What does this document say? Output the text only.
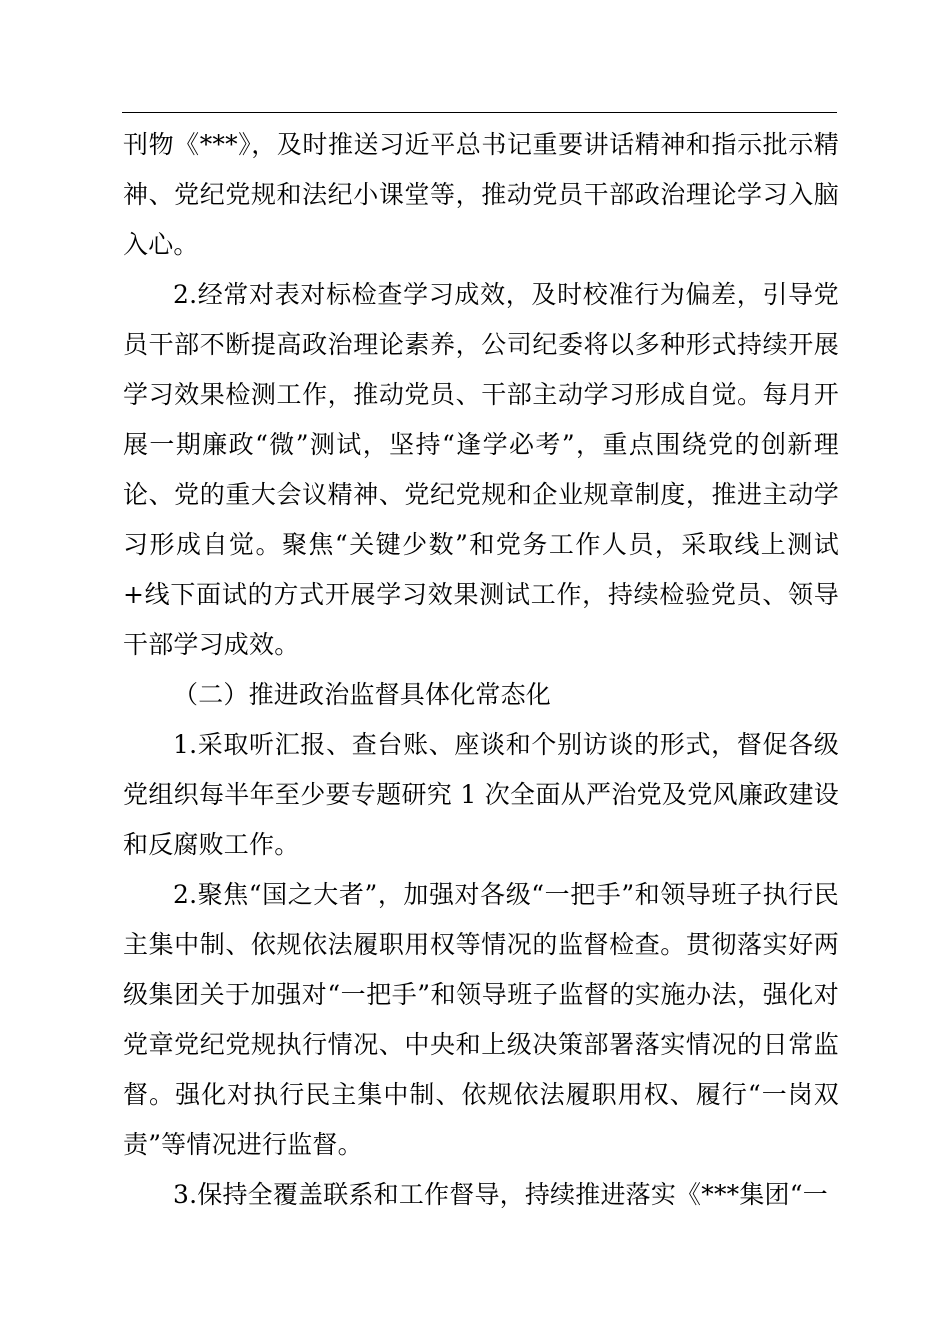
刊物《***》，及时推送习近平总书记重要讲话精神和指示批示精神、党纪党规和法纪小课堂等，推动党员干部政治理论学习入脑入心。

2.经常对表对标检查学习成效，及时校准行为偏差，引导党员干部不断提高政治理论素养，公司纪委将以多种形式持续开展学习效果检测工作，推动党员、干部主动学习形成自觉。每月开展一期廉政“微”测试，坚持“逢学必考”，重点围绕党的创新理论、党的重大会议精神、党纪党规和企业规章制度，推进主动学习形成自觉。聚焦“关键少数”和党务工作人员，采取线上测试+线下面试的方式开展学习效果测试工作，持续检验党员、领导干部学习成效。

（二）推进政治监督具体化常态化

1.采取听汇报、查台账、座谈和个别访谈的形式，督促各级党组织每半年至少要专题研究 1 次全面从严治党及党风廉政建设和反腐败工作。

2.聚焦“国之大者”，加强对各级“一把手”和领导班子执行民主集中制、依规依法履职用权等情况的监督检查。贯彻落实好两级集团关于加强对“一把手”和领导班子监督的实施办法，强化对党章党纪党规执行情况、中央和上级决策部署落实情况的日常监督。强化对执行民主集中制、依规依法履职用权、履行“一岗双责”等情况进行监督。

3.保持全覆盖联系和工作督导，持续推进落实《***集团“一
